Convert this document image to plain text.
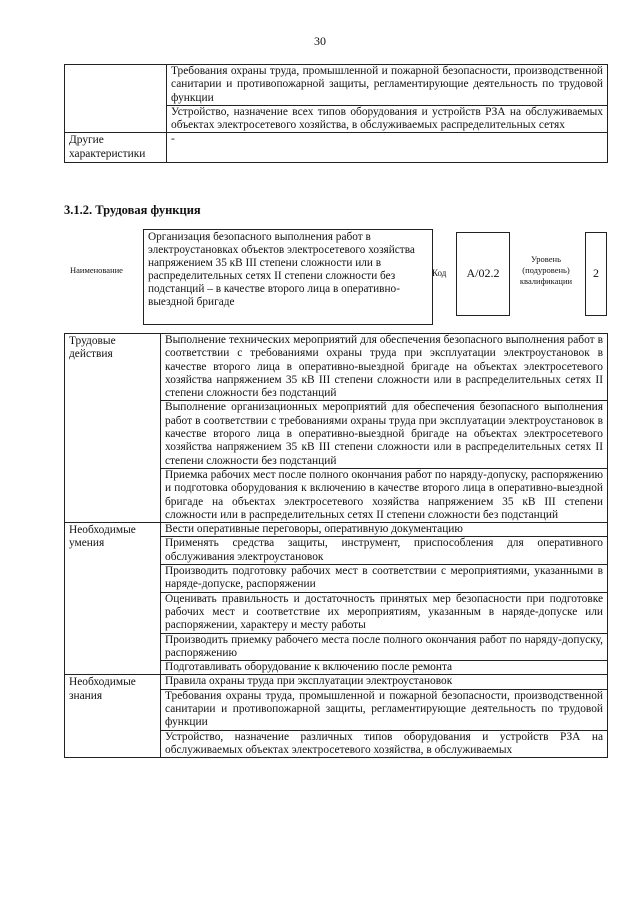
30
	Требования охраны труда, промышленной и пожарной безопасности, производственной санитарии и противопожарной защиты, регламентирующие деятельность по трудовой функции
	Устройство, назначение всех типов оборудования и устройств РЗА на обслуживаемых объектах электросетевого хозяйства, в обслуживаемых распределительных сетях
Другие характеристики	-
3.1.2. Трудовая функция
Наименование
Организация безопасного выполнения работ в электроустановках объектов электросетевого хозяйства напряжением 35 кВ III степени сложности или в распределительных сетях II степени сложности без подстанций – в качестве второго лица в оперативно-выездной бригаде
Код	А/02.2
Уровень (подуровень) квалификации
2
Трудовые действия	Выполнение технических мероприятий для обеспечения безопасного выполнения работ в соответствии с требованиями охраны труда при эксплуатации электроустановок в качестве второго лица в оперативно-выездной бригаде на объектах электросетевого хозяйства напряжением 35 кВ III степени сложности или в распределительных сетях II степени сложности без подстанций
	Выполнение организационных мероприятий для обеспечения безопасного выполнения работ в соответствии с требованиями охраны труда при эксплуатации электроустановок в качестве второго лица в оперативно-выездной бригаде на объектах электросетевого хозяйства напряжением 35 кВ III степени сложности или в распределительных сетях II степени сложности без подстанций
	Приемка рабочих мест после полного окончания работ по наряду-допуску, распоряжению и подготовка оборудования к включению в качестве второго лица в оперативно-выездной бригаде на объектах электросетевого хозяйства напряжением 35 кВ III степени сложности или в распределительных сетях II степени сложности без подстанций
Необходимые умения	Вести оперативные переговоры, оперативную документацию
	Применять средства защиты, инструмент, приспособления для оперативного обслуживания электроустановок
	Производить подготовку рабочих мест в соответствии с мероприятиями, указанными в наряде-допуске, распоряжении
	Оценивать правильность и достаточность принятых мер безопасности при подготовке рабочих мест и соответствие их мероприятиям, указанным в наряде-допуске или распоряжении, характеру и месту работы
	Производить приемку рабочего места после полного окончания работ по наряду-допуску, распоряжению
	Подготавливать оборудование к включению после ремонта
Необходимые знания	Правила охраны труда при эксплуатации электроустановок
	Требования охраны труда, промышленной и пожарной безопасности, производственной санитарии и противопожарной защиты, регламентирующие деятельность по трудовой функции
	Устройство, назначение различных типов оборудования и устройств РЗА на обслуживаемых объектах электросетевого хозяйства, в обслуживаемых
